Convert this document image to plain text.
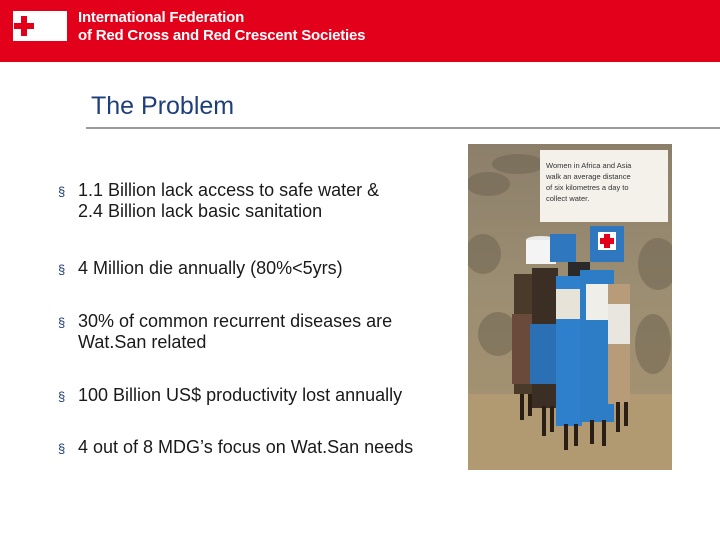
International Federation
of Red Cross and Red Crescent Societies
The Problem
§ 1.1 Billion lack access to safe water &
2.4 Billion lack basic sanitation
§ 4 Million die annually (80%<5yrs)
§ 30% of common recurrent diseases are
Wat.San related
§ 100 Billion US$ productivity lost annually
§ 4 out of 8 MDG’s focus on Wat.San needs
Women in Africa and Asia walk an average distance of six kilometres a day to collect water.
